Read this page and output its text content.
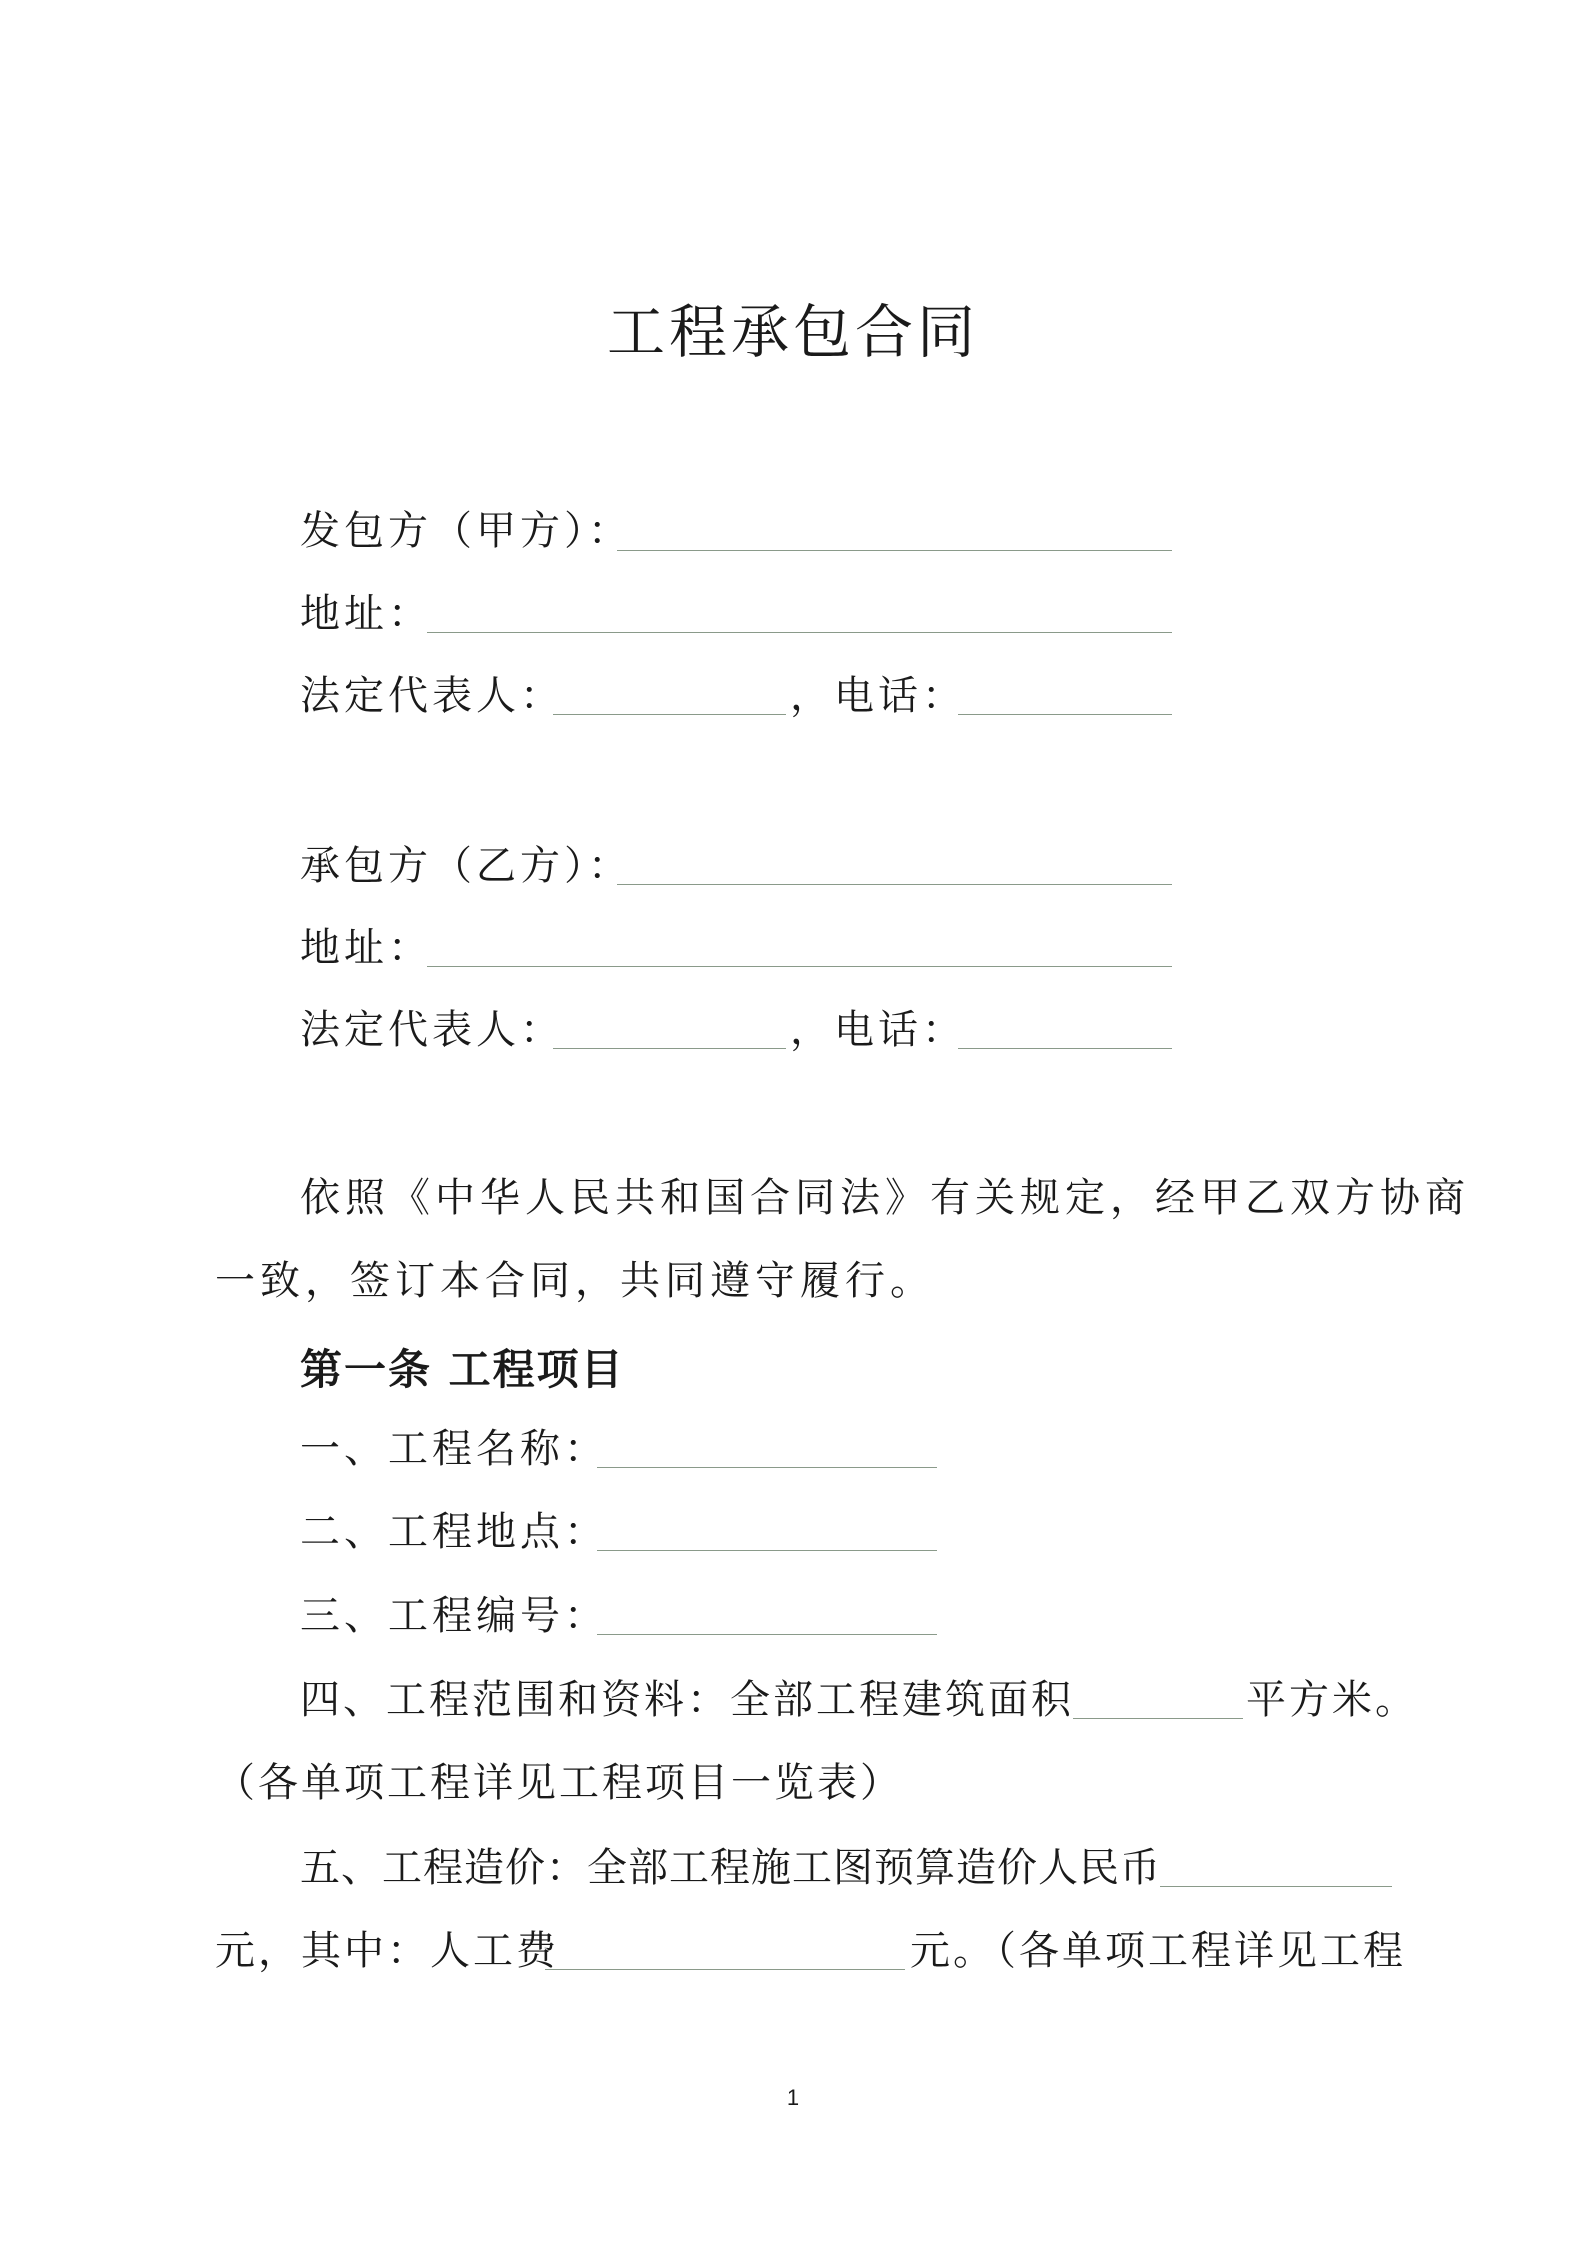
工程承包合同
发包方（甲方）：
地址：
法定代表人：	，电话：
承包方（乙方）：
地址：
法定代表人：	，电话：
依照《中华人民共和国合同法》有关规定，经甲乙双方协商
一致，签订本合同，共同遵守履行。
第一条 工程项目
一、工程名称：
二、工程地点：
三、工程编号：
四、工程范围和资料：全部工程建筑面积	平方米。
（各单项工程详见工程项目一览表）
五、工程造价：全部工程施工图预算造价人民币
元，其中：人工费	元。（各单项工程详见工程
1
